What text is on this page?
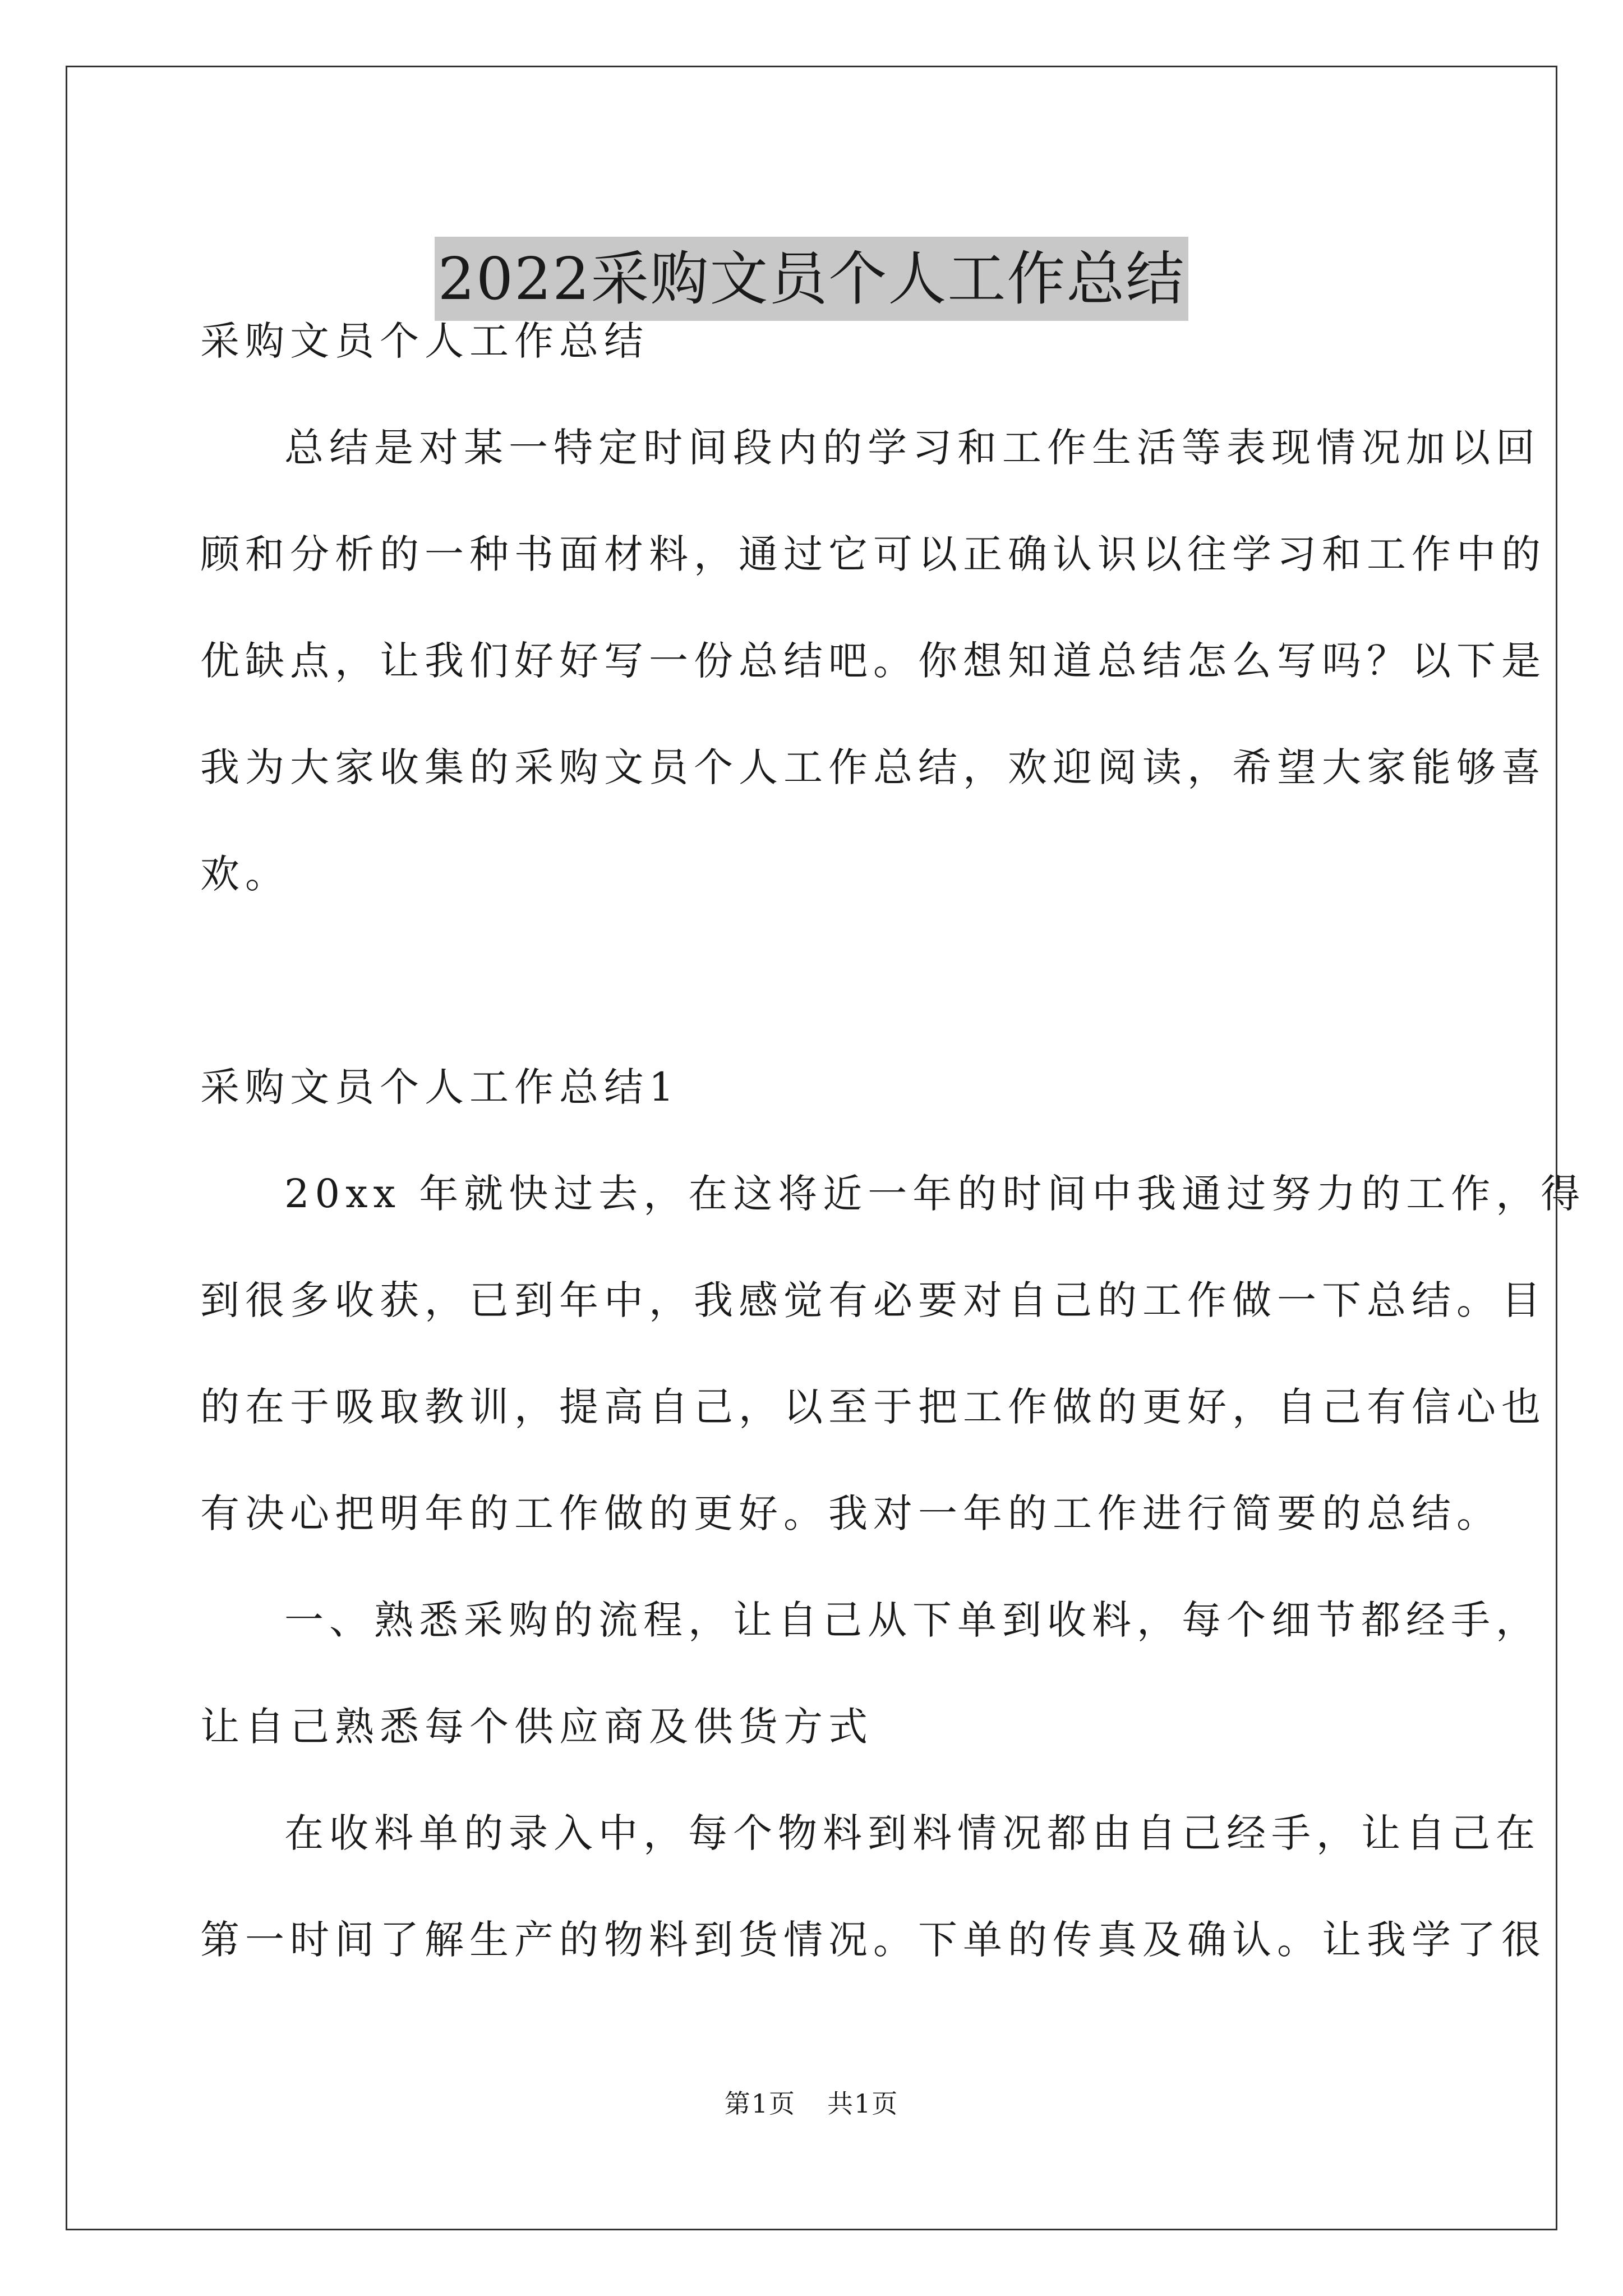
2022采购文员个人工作总结

采购文员个人工作总结

总结是对某一特定时间段内的学习和工作生活等表现情况加以回

顾和分析的一种书面材料，通过它可以正确认识以往学习和工作中的

优缺点，让我们好好写一份总结吧。你想知道总结怎么写吗？以下是

我为大家收集的采购文员个人工作总结，欢迎阅读，希望大家能够喜

欢。

采购文员个人工作总结1

20xx 年就快过去，在这将近一年的时间中我通过努力的工作，得

到很多收获，已到年中，我感觉有必要对自己的工作做一下总结。目

的在于吸取教训，提高自己，以至于把工作做的更好，自己有信心也

有决心把明年的工作做的更好。我对一年的工作进行简要的总结。

一、熟悉采购的流程，让自己从下单到收料，每个细节都经手，

让自己熟悉每个供应商及供货方式

在收料单的录入中，每个物料到料情况都由自己经手，让自己在

第一时间了解生产的物料到货情况。下单的传真及确认。让我学了很

第1页 共1页
